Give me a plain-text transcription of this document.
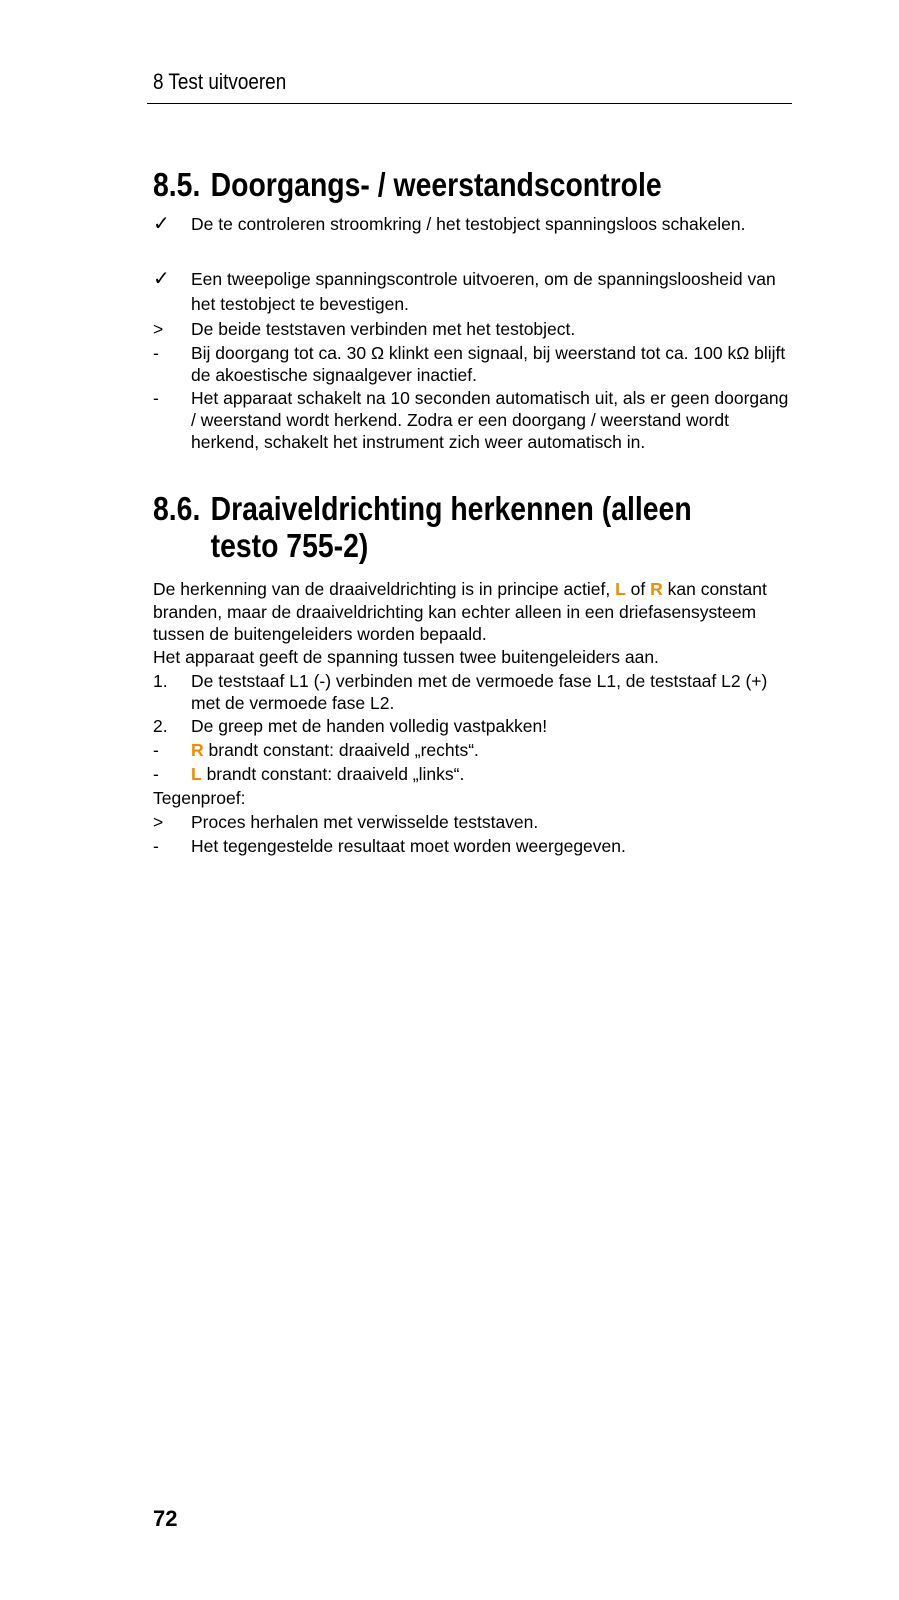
8 Test uitvoeren
8.5. Doorgangs- / weerstandscontrole
✓	De te controleren stroomkring / het testobject spanningsloos schakelen.
✓	Een tweepolige spanningscontrole uitvoeren, om de spanningsloosheid van het testobject te bevestigen.
>	De beide teststaven verbinden met het testobject.
-	Bij doorgang tot ca. 30 Ω klinkt een signaal, bij weerstand tot ca. 100 kΩ blijft de akoestische signaalgever inactief.
-	Het apparaat schakelt na 10 seconden automatisch uit, als er geen doorgang / weerstand wordt herkend. Zodra er een doorgang / weerstand wordt herkend, schakelt het instrument zich weer automatisch in.
8.6. Draaiveldrichting herkennen (alleen
testo 755-2)
De herkenning van de draaiveldrichting is in principe actief, L of R kan constant branden, maar de draaiveldrichting kan echter alleen in een driefasensysteem tussen de buitengeleiders worden bepaald.
Het apparaat geeft de spanning tussen twee buitengeleiders aan.
1.	De teststaaf L1 (-) verbinden met de vermoede fase L1, de teststaaf L2 (+) met de vermoede fase L2.
2.	De greep met de handen volledig vastpakken!
-	R brandt constant: draaiveld „rechts“.
-	L brandt constant: draaiveld „links“.
Tegenproef:
>	Proces herhalen met verwisselde teststaven.
-	Het tegengestelde resultaat moet worden weergegeven.
72
